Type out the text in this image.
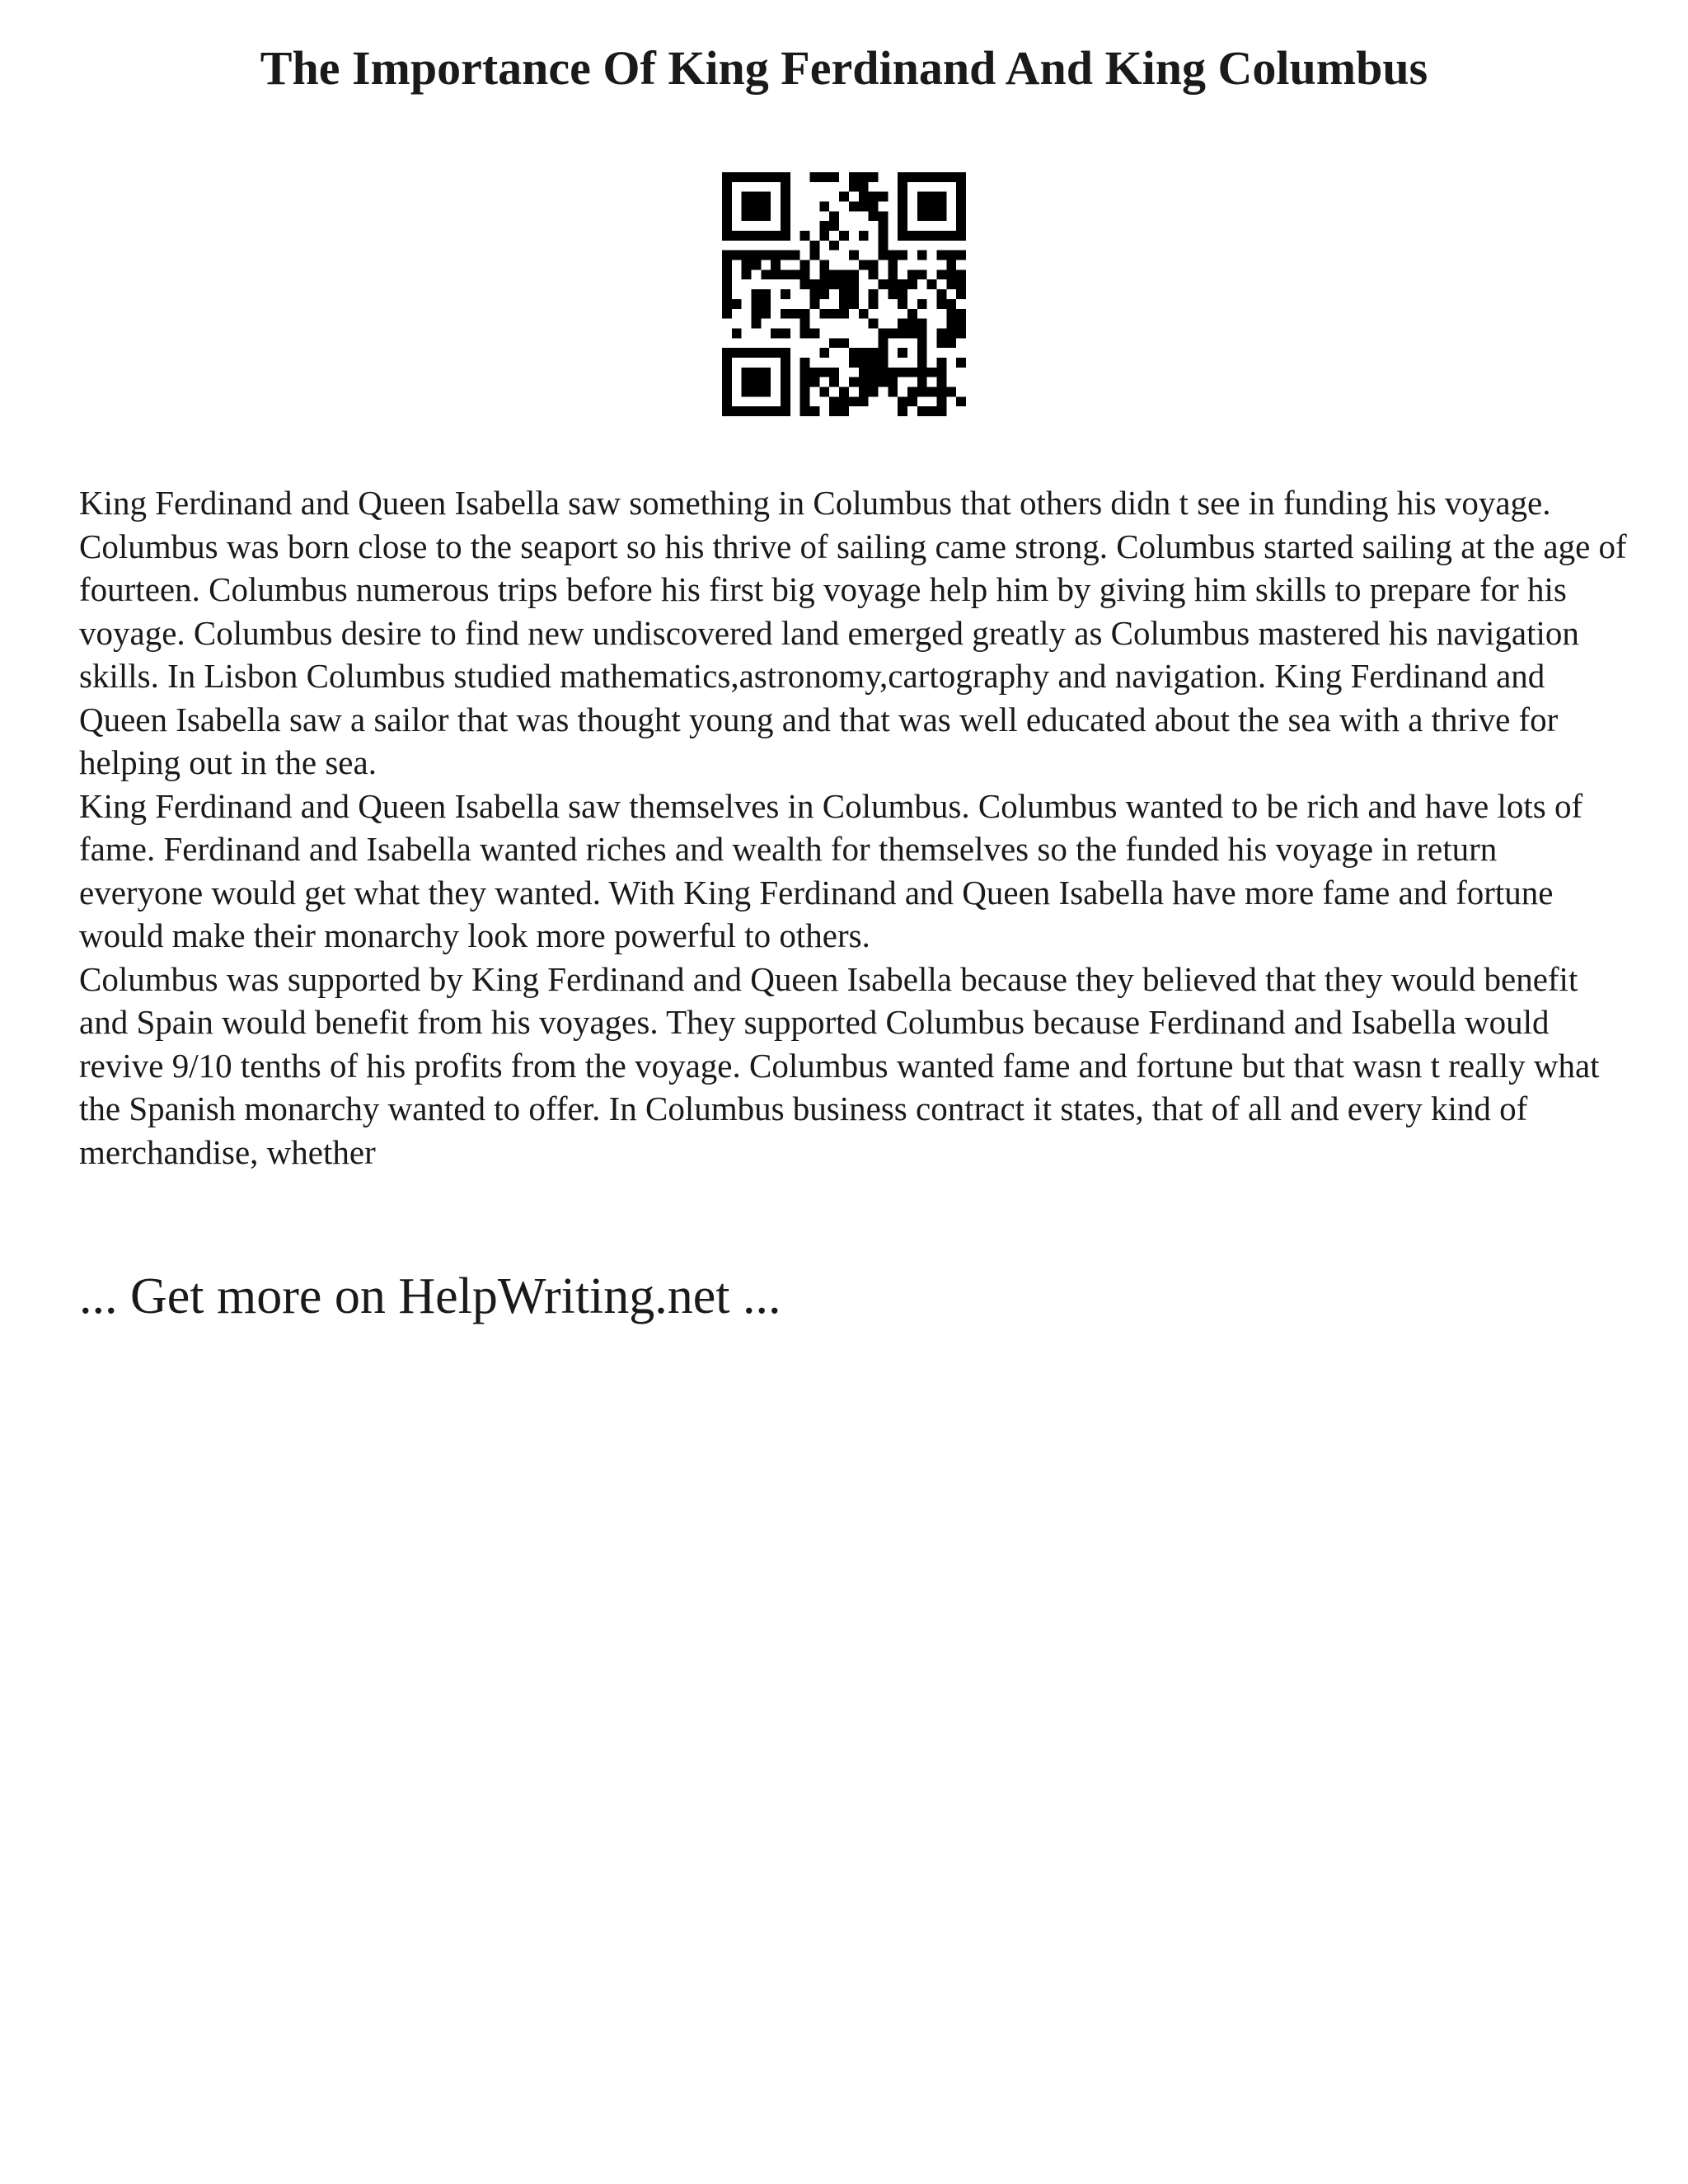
The Importance Of King Ferdinand And King Columbus

King Ferdinand and Queen Isabella saw something in Columbus that others didn t see in funding his voyage. Columbus was born close to the seaport so his thrive of sailing came strong. Columbus started sailing at the age of fourteen. Columbus numerous trips before his first big voyage help him by giving him skills to prepare for his voyage. Columbus desire to find new undiscovered land emerged greatly as Columbus mastered his navigation skills. In Lisbon Columbus studied mathematics,astronomy,cartography and navigation. King Ferdinand and Queen Isabella saw a sailor that was thought young and that was well educated about the sea with a thrive for helping out in the sea.

King Ferdinand and Queen Isabella saw themselves in Columbus. Columbus wanted to be rich and have lots of fame. Ferdinand and Isabella wanted riches and wealth for themselves so the funded his voyage in return everyone would get what they wanted. With King Ferdinand and Queen Isabella have more fame and fortune would make their monarchy look more powerful to others.

Columbus was supported by King Ferdinand and Queen Isabella because they believed that they would benefit and Spain would benefit from his voyages. They supported Columbus because Ferdinand and Isabella would revive 9/10 tenths of his profits from the voyage. Columbus wanted fame and fortune but that wasn t really what the Spanish monarchy wanted to offer. In Columbus business contract it states, that of all and every kind of merchandise, whether

... Get more on HelpWriting.net ...
